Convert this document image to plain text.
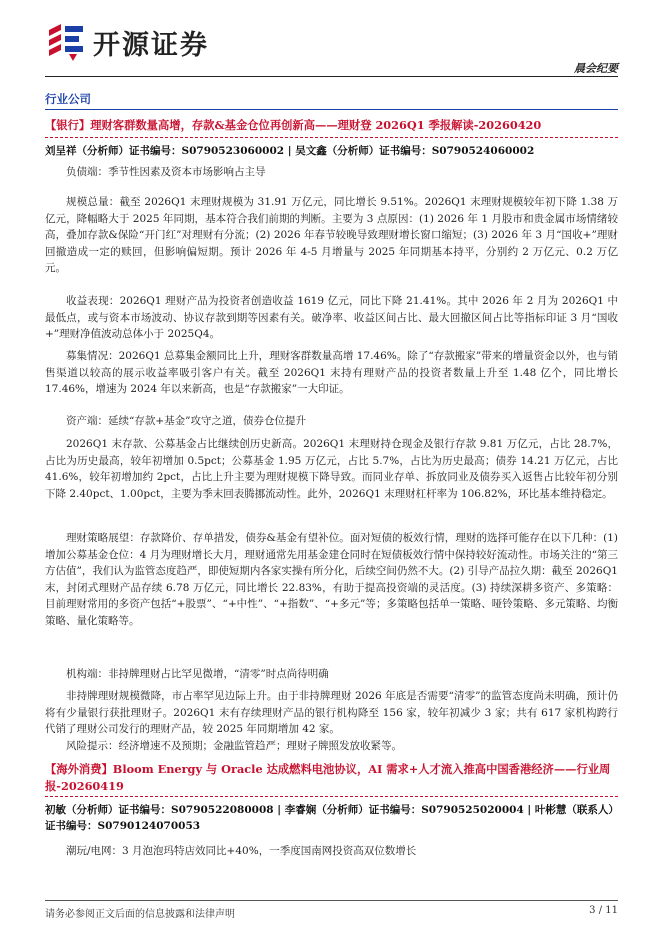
开源证券
晨会纪要
行业公司
【银行】理财客群数量高增，存款&基金仓位再创新高——理财登 2026Q1 季报解读-20260420
刘呈祥（分析师）证书编号：S0790523060002 | 吴文鑫（分析师）证书编号：S0790524060002
负债端：季节性因素及资本市场影响占主导
规模总量：截至 2026Q1 末理财规模为 31.91 万亿元，同比增长 9.51%。2026Q1 末理财规模较年初下降 1.38 万亿元，降幅略大于 2025 年同期，基本符合我们前期的判断。主要为 3 点原因：(1) 2026 年 1 月股市和贵金属市场情绪较高，叠加存款&保险“开门红”对理财有分流；(2) 2026 年春节较晚导致理财增长窗口缩短；(3) 2026 年 3 月“国收+”理财回撤造成一定的赎回，但影响偏短期。预计 2026 年 4-5 月增量与 2025 年同期基本持平，分别约 2 万亿元、0.2 万亿元。
收益表现：2026Q1 理财产品为投资者创造收益 1619 亿元，同比下降 21.41%。其中 2026 年 2 月为 2026Q1 中最低点，或与资本市场波动、协议存款到期等因素有关。破净率、收益区间占比、最大回撤区间占比等指标印证 3 月“国收+”理财净值波动总体小于 2025Q4。
募集情况：2026Q1 总募集金额同比上升，理财客群数量高增 17.46%。除了“存款搬家”带来的增量资金以外，也与销售渠道以较高的展示收益率吸引客户有关。截至 2026Q1 末持有理财产品的投资者数量上升至 1.48 亿个，同比增长 17.46%，增速为 2024 年以来新高，也是“存款搬家”一大印证。
资产端：延续“存款+基金”攻守之道，债券仓位提升
2026Q1 末存款、公募基金占比继续创历史新高。2026Q1 末理财持仓现金及银行存款 9.81 万亿元，占比 28.7%，占比为历史最高，较年初增加 0.5pct；公募基金 1.95 万亿元，占比 5.7%，占比为历史最高；债券 14.21 万亿元，占比 41.6%，较年初增加约 2pct，占比上升主要为理财规模下降导致。而同业存单、拆放同业及债券买入返售占比较年初分别下降 2.40pct、1.00pct，主要为季末回表腾挪流动性。此外，2026Q1 末理财杠杆率为 106.82%，环比基本维持稳定。
理财策略展望：存款降价、存单措发，债券&基金有望补位。面对短债的板效行情，理财的选择可能存在以下几种：(1) 增加公募基金仓位：4 月为理财增长大月，理财通常先用基金建仓同时在短债板效行情中保持较好流动性。市场关注的“第三方估值”，我们认为监管态度趋严，即使短期内各家实操有所分化，后续空间仍然不大。(2) 引导产品拉久期：截至 2026Q1 末，封闭式理财产品存续 6.78 万亿元，同比增长 22.83%，有助于提高投资端的灵活度。(3) 持续深耕多资产、多策略：目前理财常用的多资产包括“+股票”、“+中性”、“+指数”、“+多元”等；多策略包括单一策略、哑铃策略、多元策略、均衡策略、量化策略等。
机构端：非持牌理财占比罕见微增，“清零”时点尚待明确
非持牌理财规模微降，市占率罕见边际上升。由于非持牌理财 2026 年底是否需要“清零”的监管态度尚未明确，预计仍将有少量银行获批理财子。2026Q1 末有存续理财产品的银行机构降至 156 家，较年初减少 3 家；共有 617 家机构跨行代销了理财公司发行的理财产品，较 2025 年同期增加 42 家。
风险提示：经济增速不及预期；金融监管趋严；理财子牌照发放收紧等。
【海外消费】Bloom Energy 与 Oracle 达成燃料电池协议，AI 需求+人才流入推高中国香港经济——行业周报-20260419
初敏（分析师）证书编号：S0790522080008 | 李睿娴（分析师）证书编号：S0790525020004 | 叶彬慧（联系人）证书编号：S0790124070053
潮玩/电网：3 月泡泡玛特店效同比+40%，一季度国南网投资高双位数增长
请务必参阅正文后面的信息披露和法律声明	3 / 11
